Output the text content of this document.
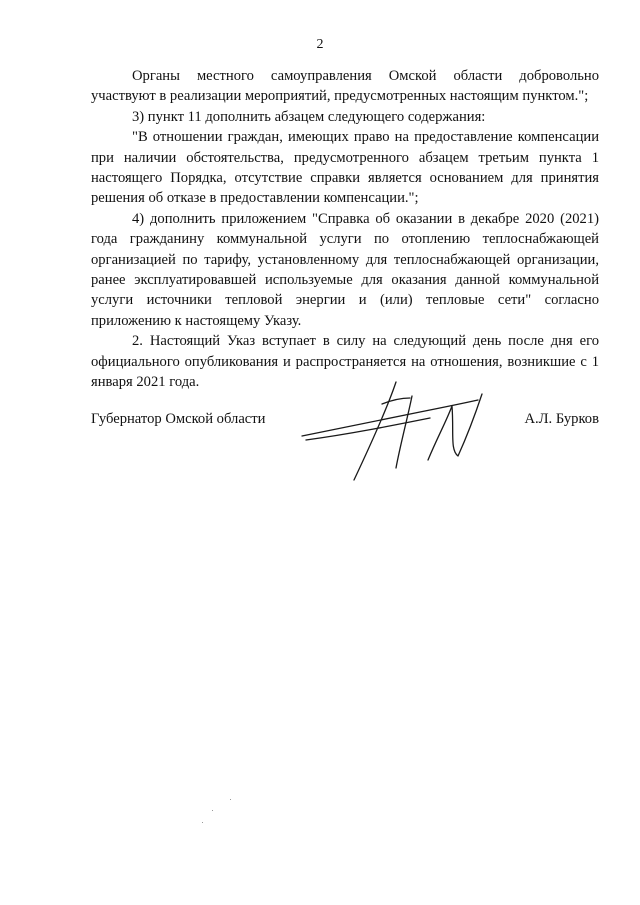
2

Органы местного самоуправления Омской области добровольно участвуют в реализации мероприятий, предусмотренных настоящим пунктом.";

3) пункт 11 дополнить абзацем следующего содержания:

"В отношении граждан, имеющих право на предоставление компенсации при наличии обстоятельства, предусмотренного абзацем третьим пункта 1 настоящего Порядка, отсутствие справки является основанием для принятия решения об отказе в предоставлении компенсации.";

4) дополнить приложением "Справка об оказании в декабре 2020 (2021) года гражданину коммунальной услуги по отоплению теплоснабжающей организацией по тарифу, установленному для теплоснабжающей организации, ранее эксплуатировавшей используемые для оказания данной коммунальной услуги источники тепловой энергии и (или) тепловые сети" согласно приложению к настоящему Указу.

2. Настоящий Указ вступает в силу на следующий день после дня его официального опубликования и распространяется на отношения, возникшие с 1 января 2021 года.

Губернатор Омской области	А.Л. Бурков
